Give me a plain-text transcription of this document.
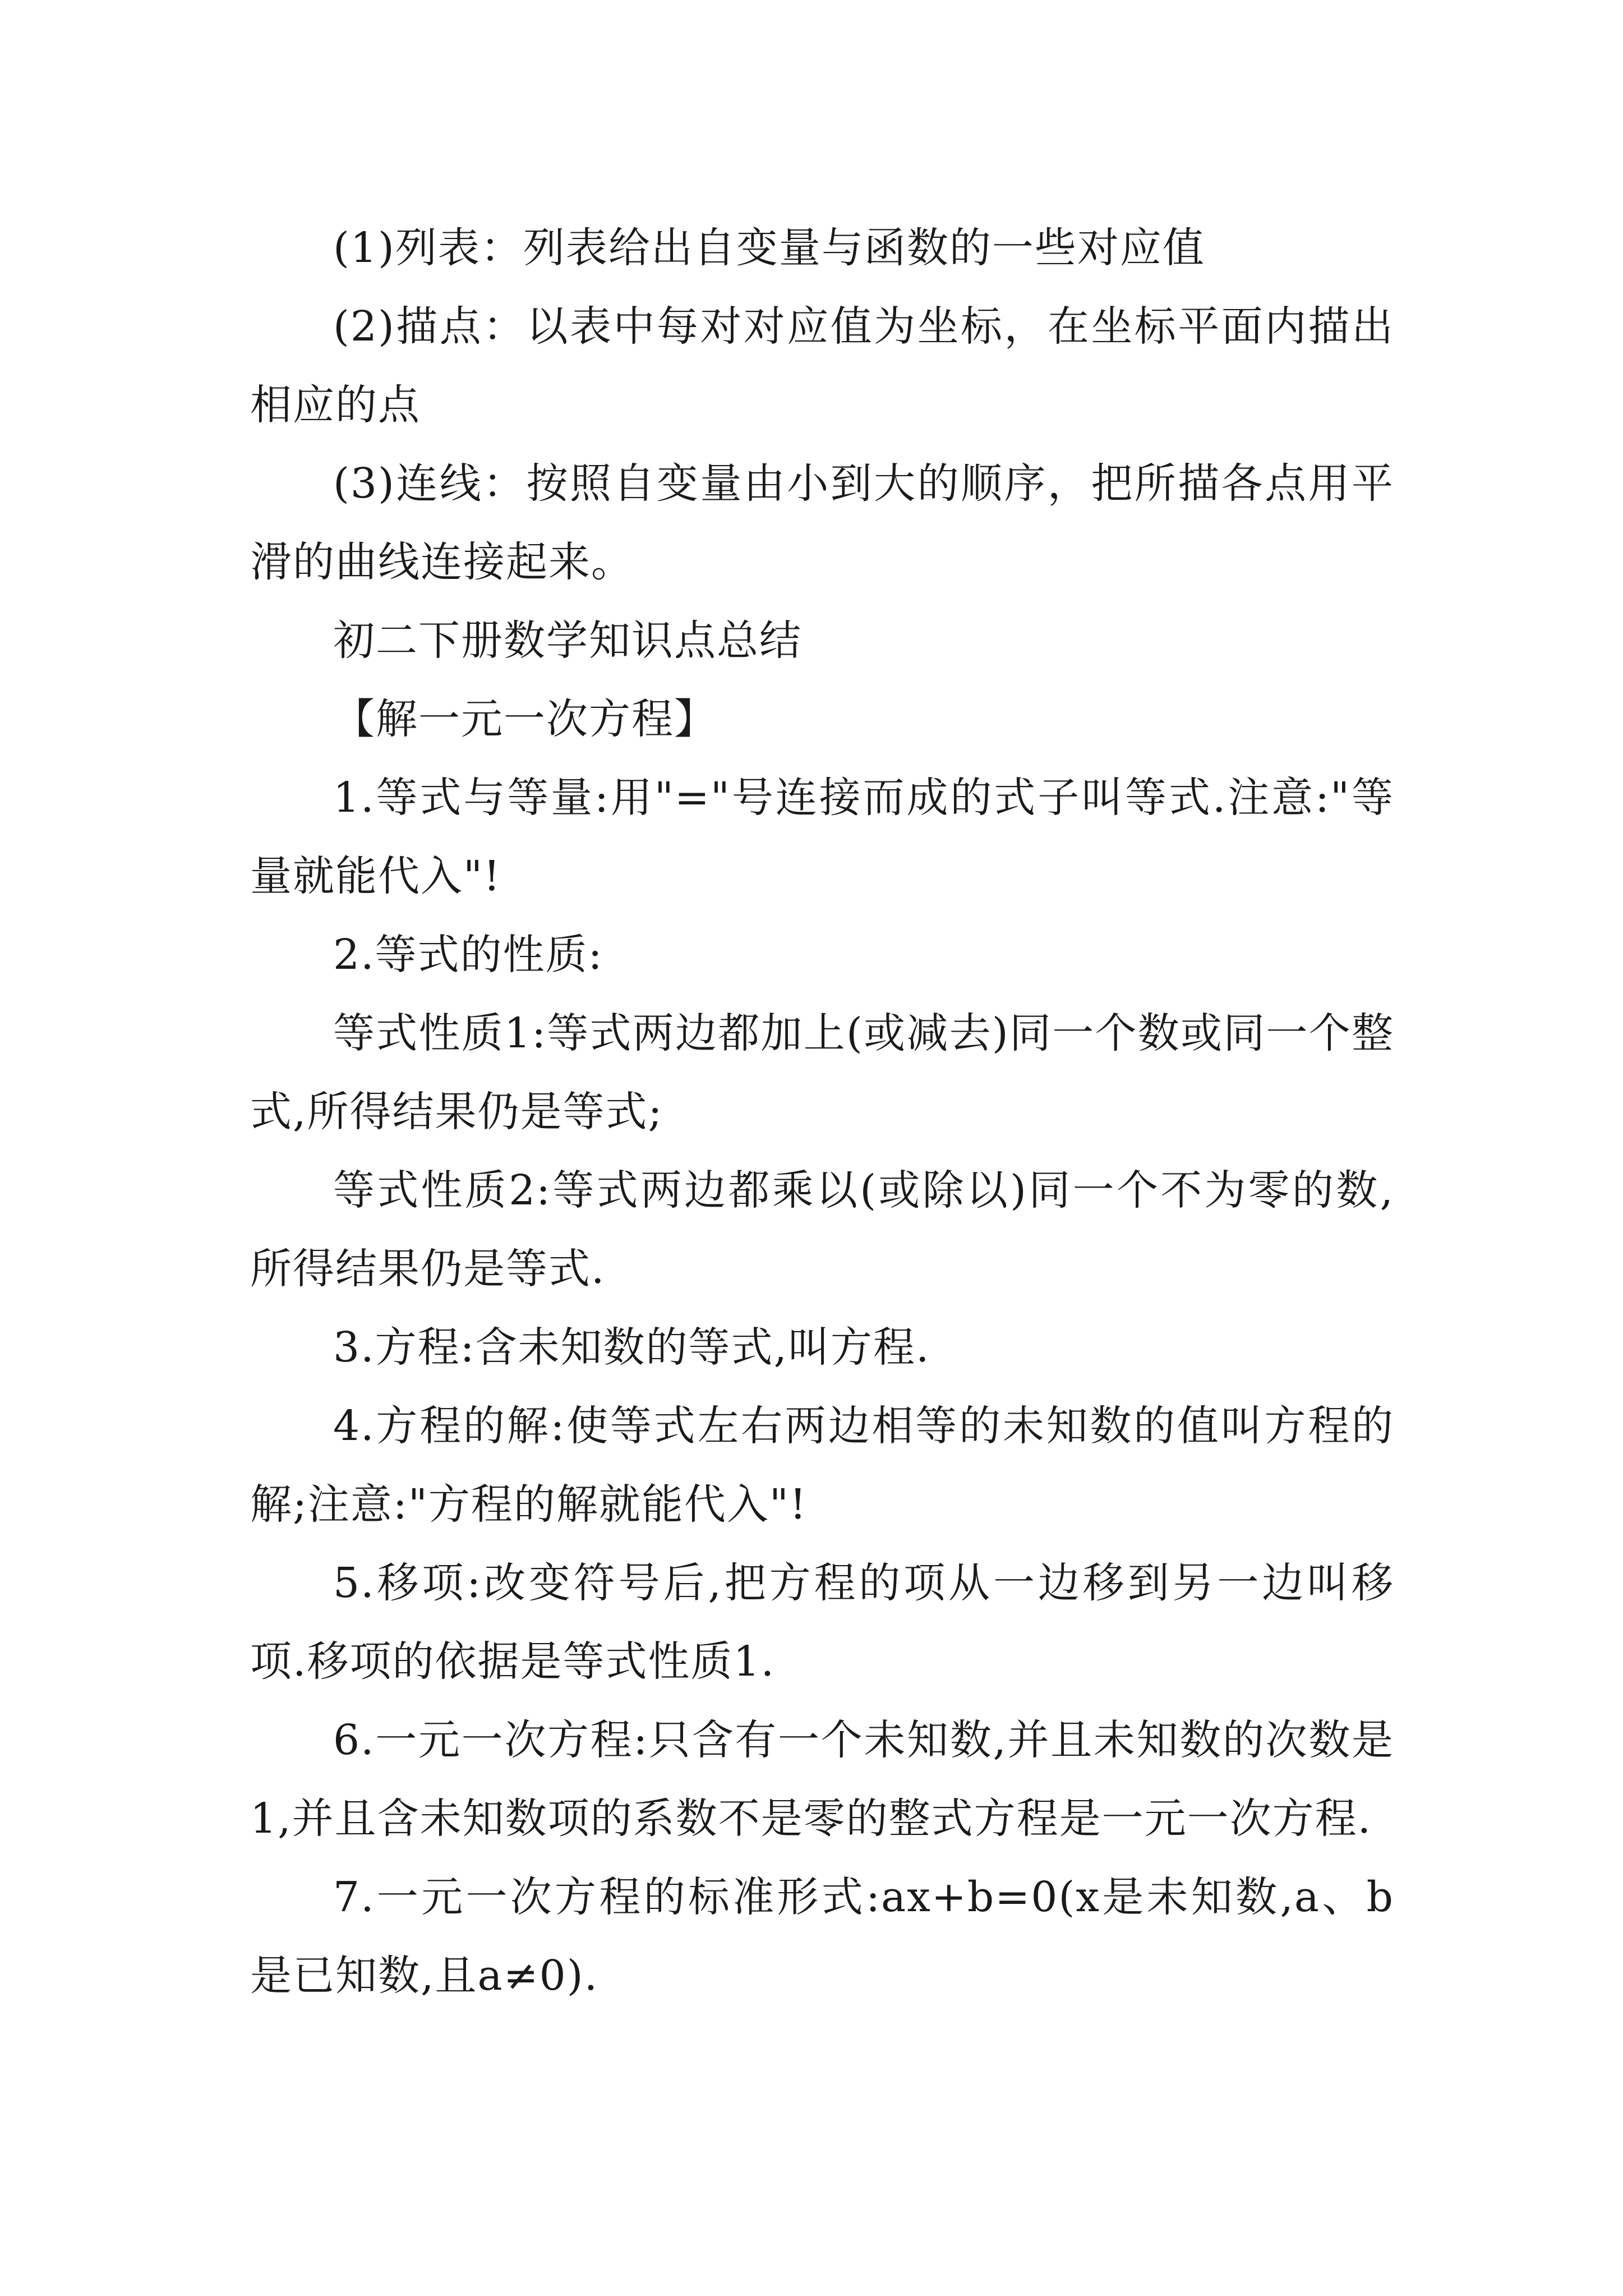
(1)列表：列表给出自变量与函数的一些对应值

(2)描点：以表中每对对应值为坐标，在坐标平面内描出相应的点

(3)连线：按照自变量由小到大的顺序，把所描各点用平滑的曲线连接起来。

初二下册数学知识点总结

【解一元一次方程】

1.等式与等量:用"="号连接而成的式子叫等式.注意:"等量就能代入"!

2.等式的性质:

等式性质1:等式两边都加上(或减去)同一个数或同一个整式,所得结果仍是等式;

等式性质2:等式两边都乘以(或除以)同一个不为零的数,所得结果仍是等式.

3.方程:含未知数的等式,叫方程.

4.方程的解:使等式左右两边相等的未知数的值叫方程的解;注意:"方程的解就能代入"!

5.移项:改变符号后,把方程的项从一边移到另一边叫移项.移项的依据是等式性质1.

6.一元一次方程:只含有一个未知数,并且未知数的次数是1,并且含未知数项的系数不是零的整式方程是一元一次方程.

7.一元一次方程的标准形式:ax+b=0(x是未知数,a、b是已知数,且a≠0).
